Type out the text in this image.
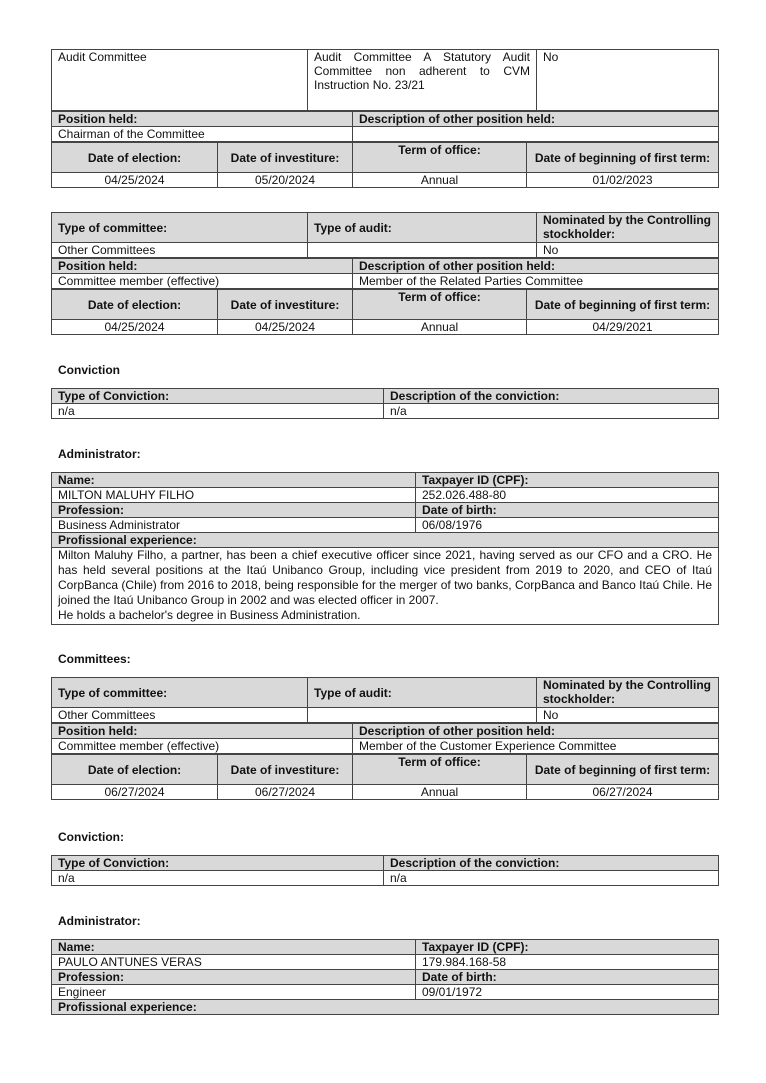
Audit Committee	Audit Committee A Statutory Audit Committee non adherent to CVM Instruction No. 23/21	No
Position held:	Description of other position held:
Chairman of the Committee	
Date of election:	Date of investiture:	Term of office:	Date of beginning of first term:
04/25/2024	05/20/2024	Annual	01/02/2023
Type of committee:	Type of audit:	Nominated by the Controlling stockholder:
Other Committees		No
Position held:	Description of other position held:
Committee member (effective)	Member of the Related Parties Committee
Date of election:	Date of investiture:	Term of office:	Date of beginning of first term:
04/25/2024	04/25/2024	Annual	04/29/2021
Conviction
Type of Conviction:	Description of the conviction:
n/a	n/a
Administrator:
Name:	Taxpayer ID (CPF):
MILTON MALUHY FILHO	252.026.488-80
Profession:	Date of birth:
Business Administrator	06/08/1976
Profissional experience:	

Milton Maluhy Filho, a partner, has been a chief executive officer since 2021, having served as our CFO and a CRO. He has held several positions at the Itaú Unibanco Group, including vice president from 2019 to 2020, and CEO of Itaú CorpBanca (Chile) from 2016 to 2018, being responsible for the merger of two banks, CorpBanca and Banco Itaú Chile. He joined the Itaú Unibanco Group in 2002 and was elected officer in 2007.
He holds a bachelor's degree in Business Administration.	
Committees:
Type of committee:	Type of audit:	Nominated by the Controlling stockholder:
Other Committees		No
Position held:	Description of other position held:
Committee member (effective)	Member of the Customer Experience Committee
Date of election:	Date of investiture:	Term of office:	Date of beginning of first term:
06/27/2024	06/27/2024	Annual	06/27/2024
Conviction:
Type of Conviction:	Description of the conviction:
n/a	n/a
Administrator:
Name:	Taxpayer ID (CPF):
PAULO ANTUNES VERAS	179.984.168-58
Profession:	Date of birth:
Engineer	09/01/1972
Profissional experience:	
